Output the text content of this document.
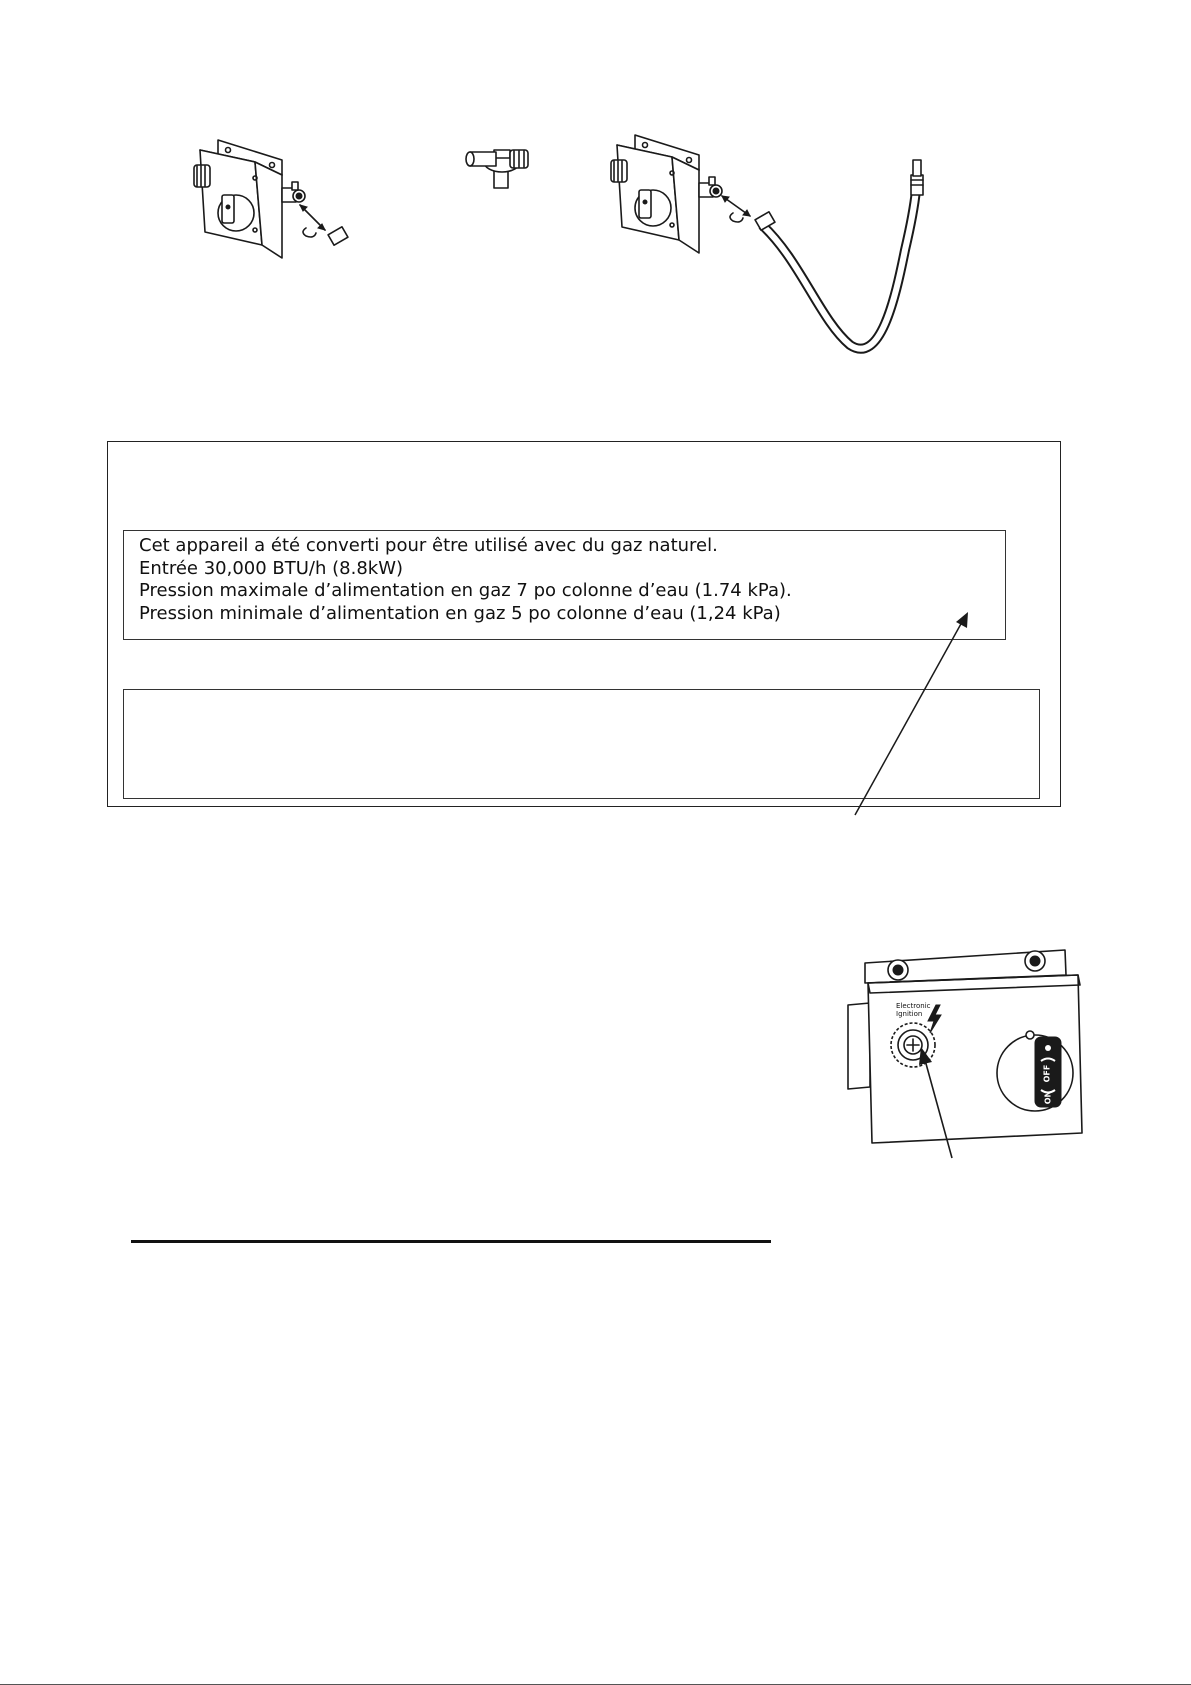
Cet appareil a été converti pour être utilisé avec du gaz naturel.
Entrée 30,000 BTU/h (8.8kW)
Pression maximale d’alimentation en gaz 7 po colonne d’eau (1.74 kPa).
Pression minimale d’alimentation en gaz 5 po colonne d’eau (1,24 kPa)
Electronic
Ignition
OFF
ON
